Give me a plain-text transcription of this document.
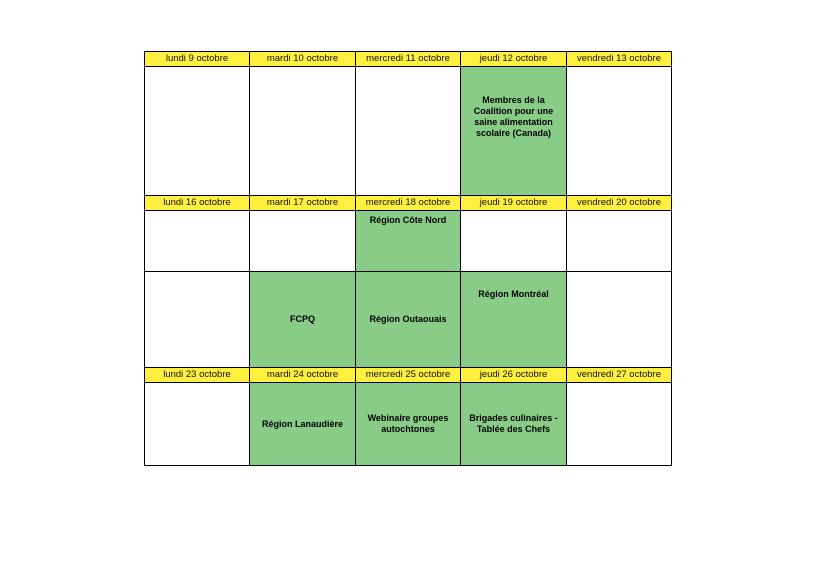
lundi 9 octobre	mardi 10 octobre	mercredi 11 octobre	jeudi 12 octobre	vendredi 13 octobre
			Membres de la Coalition pour une saine alimentation scolaire (Canada)	
lundi 16 octobre	mardi 17 octobre	mercredi 18 octobre	jeudi 19 octobre	vendredi 20 octobre
		Région Côte Nord		
	FCPQ	Région Outaouais	Région Montréal	
lundi 23 octobre	mardi 24 octobre	mercredi 25 octobre	jeudi 26 octobre	vendredi 27 octobre
	Région Lanaudière	Webinaire groupes autochtones	Brigades culinaires - Tablée des Chefs	
